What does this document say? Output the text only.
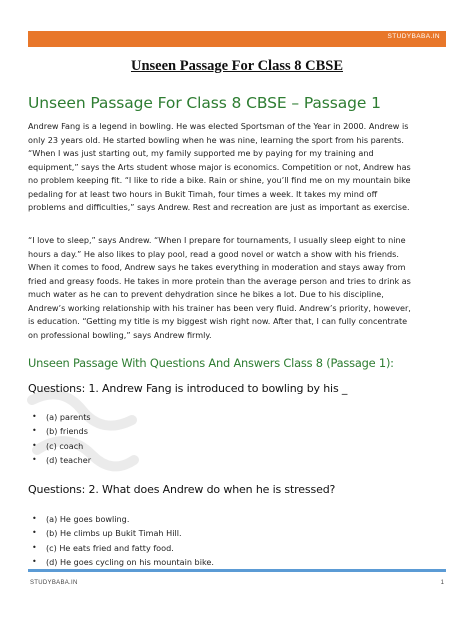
STUDYBABA.IN
Unseen Passage For Class 8 CBSE
Unseen Passage For Class 8 CBSE – Passage 1

Andrew Fang is a legend in bowling. He was elected Sportsman of the Year in 2000. Andrew is
only 23 years old. He started bowling when he was nine, learning the sport from his parents.
“When I was just starting out, my family supported me by paying for my training and
equipment,” says the Arts student whose major is economics. Competition or not, Andrew has
no problem keeping fit. “I like to ride a bike. Rain or shine, you’ll find me on my mountain bike
pedaling for at least two hours in Bukit Timah, four times a week. It takes my mind off
problems and difficulties,” says Andrew. Rest and recreation are just as important as exercise.

“I love to sleep,” says Andrew. “When I prepare for tournaments, I usually sleep eight to nine
hours a day.” He also likes to play pool, read a good novel or watch a show with his friends.
When it comes to food, Andrew says he takes everything in moderation and stays away from
fried and greasy foods. He takes in more protein than the average person and tries to drink as
much water as he can to prevent dehydration since he bikes a lot. Due to his discipline,
Andrew’s working relationship with his trainer has been very fluid. Andrew’s priority, however,
is education. “Getting my title is my biggest wish right now. After that, I can fully concentrate
on professional bowling,” says Andrew firmly.

Unseen Passage With Questions And Answers Class 8 (Passage 1):
Questions: 1. Andrew Fang is introduced to bowling by his _
• (a) parents
• (b) friends
• (c) coach
• (d) teacher
Questions: 2. What does Andrew do when he is stressed?
• (a) He goes bowling.
• (b) He climbs up Bukit Timah Hill.
• (c) He eats fried and fatty food.
• (d) He goes cycling on his mountain bike.
STUDYBABA.IN	1
